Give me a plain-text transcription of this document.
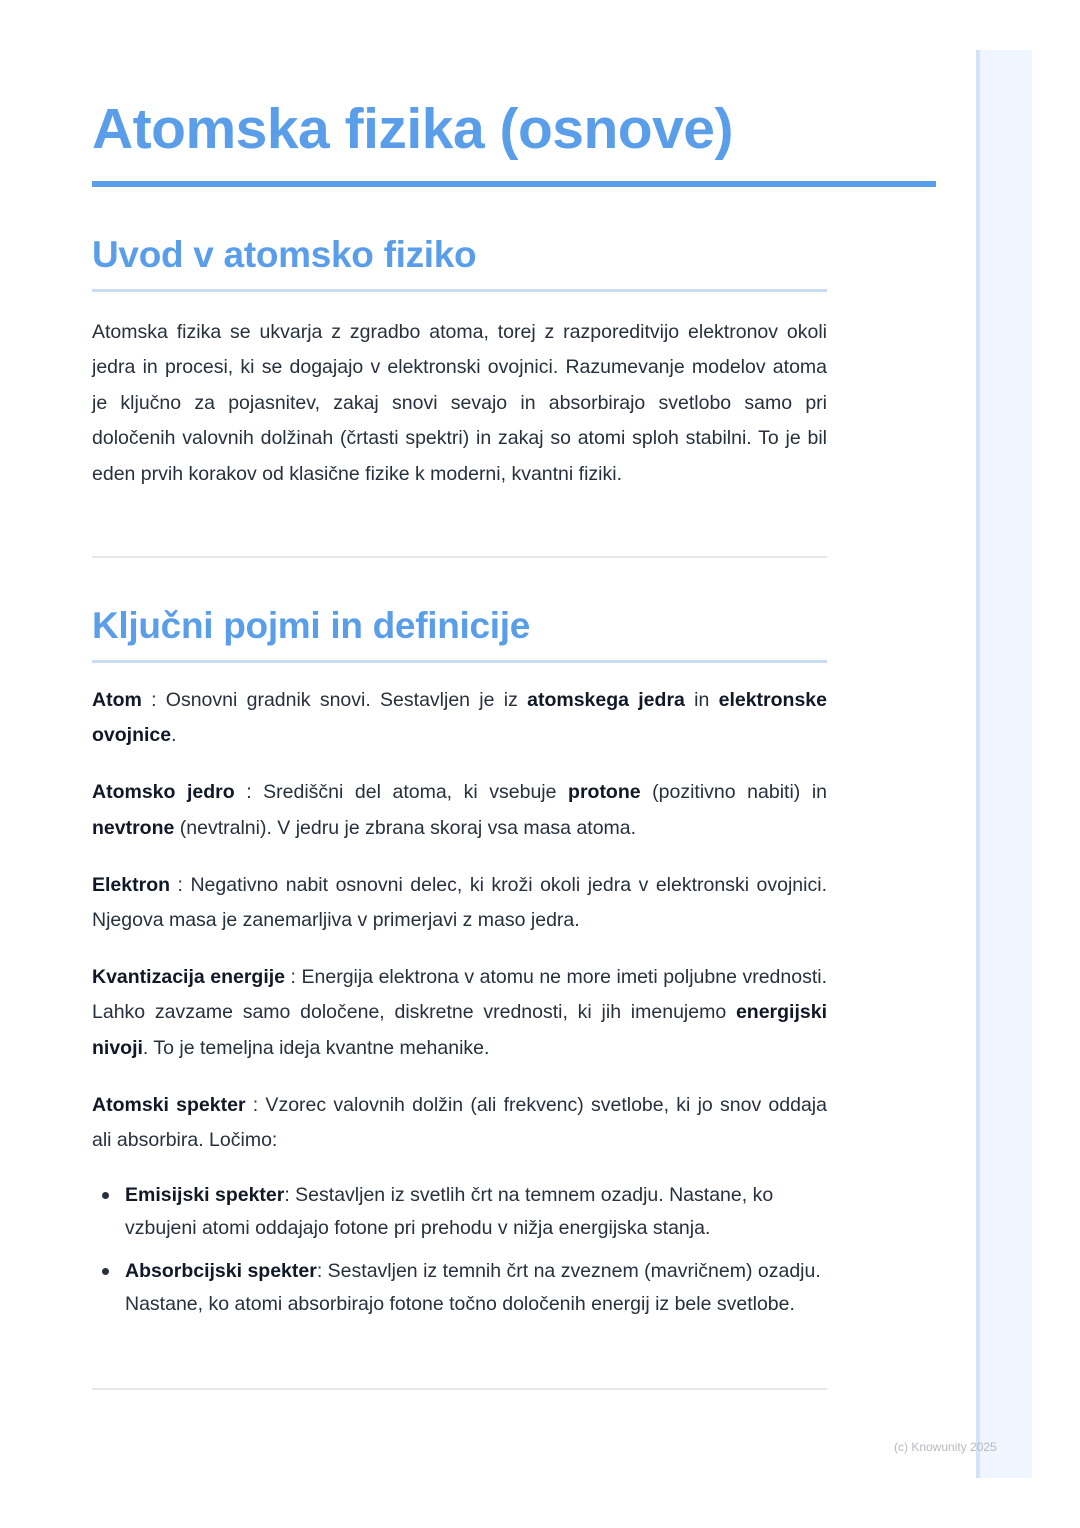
Atomska fizika (osnove)
Uvod v atomsko fiziko

Atomska fizika se ukvarja z zgradbo atoma, torej z razporeditvijo elektronov okoli jedra in procesi, ki se dogajajo v elektronski ovojnici. Razumevanje modelov atoma je ključno za pojasnitev, zakaj snovi sevajo in absorbirajo svetlobo samo pri določenih valovnih dolžinah (črtasti spektri) in zakaj so atomi sploh stabilni. To je bil eden prvih korakov od klasične fizike k moderni, kvantni fiziki.

Ključni pojmi in definicije

Atom : Osnovni gradnik snovi. Sestavljen je iz atomskega jedra in elektronske ovojnice.

Atomsko jedro : Središčni del atoma, ki vsebuje protone (pozitivno nabiti) in nevtrone (nevtralni). V jedru je zbrana skoraj vsa masa atoma.

Elektron : Negativno nabit osnovni delec, ki kroži okoli jedra v elektronski ovojnici. Njegova masa je zanemarljiva v primerjavi z maso jedra.

Kvantizacija energije : Energija elektrona v atomu ne more imeti poljubne vrednosti. Lahko zavzame samo določene, diskretne vrednosti, ki jih imenujemo energijski nivoji. To je temeljna ideja kvantne mehanike.

Atomski spekter : Vzorec valovnih dolžin (ali frekvenc) svetlobe, ki jo snov oddaja ali absorbira. Ločimo:

Emisijski spekter: Sestavljen iz svetlih črt na temnem ozadju. Nastane, ko vzbujeni atomi oddajajo fotone pri prehodu v nižja energijska stanja.
Absorbcijski spekter: Sestavljen iz temnih črt na zveznem (mavričnem) ozadju. Nastane, ko atomi absorbirajo fotone točno določenih energij iz bele svetlobe.
(c) Knowunity 2025
